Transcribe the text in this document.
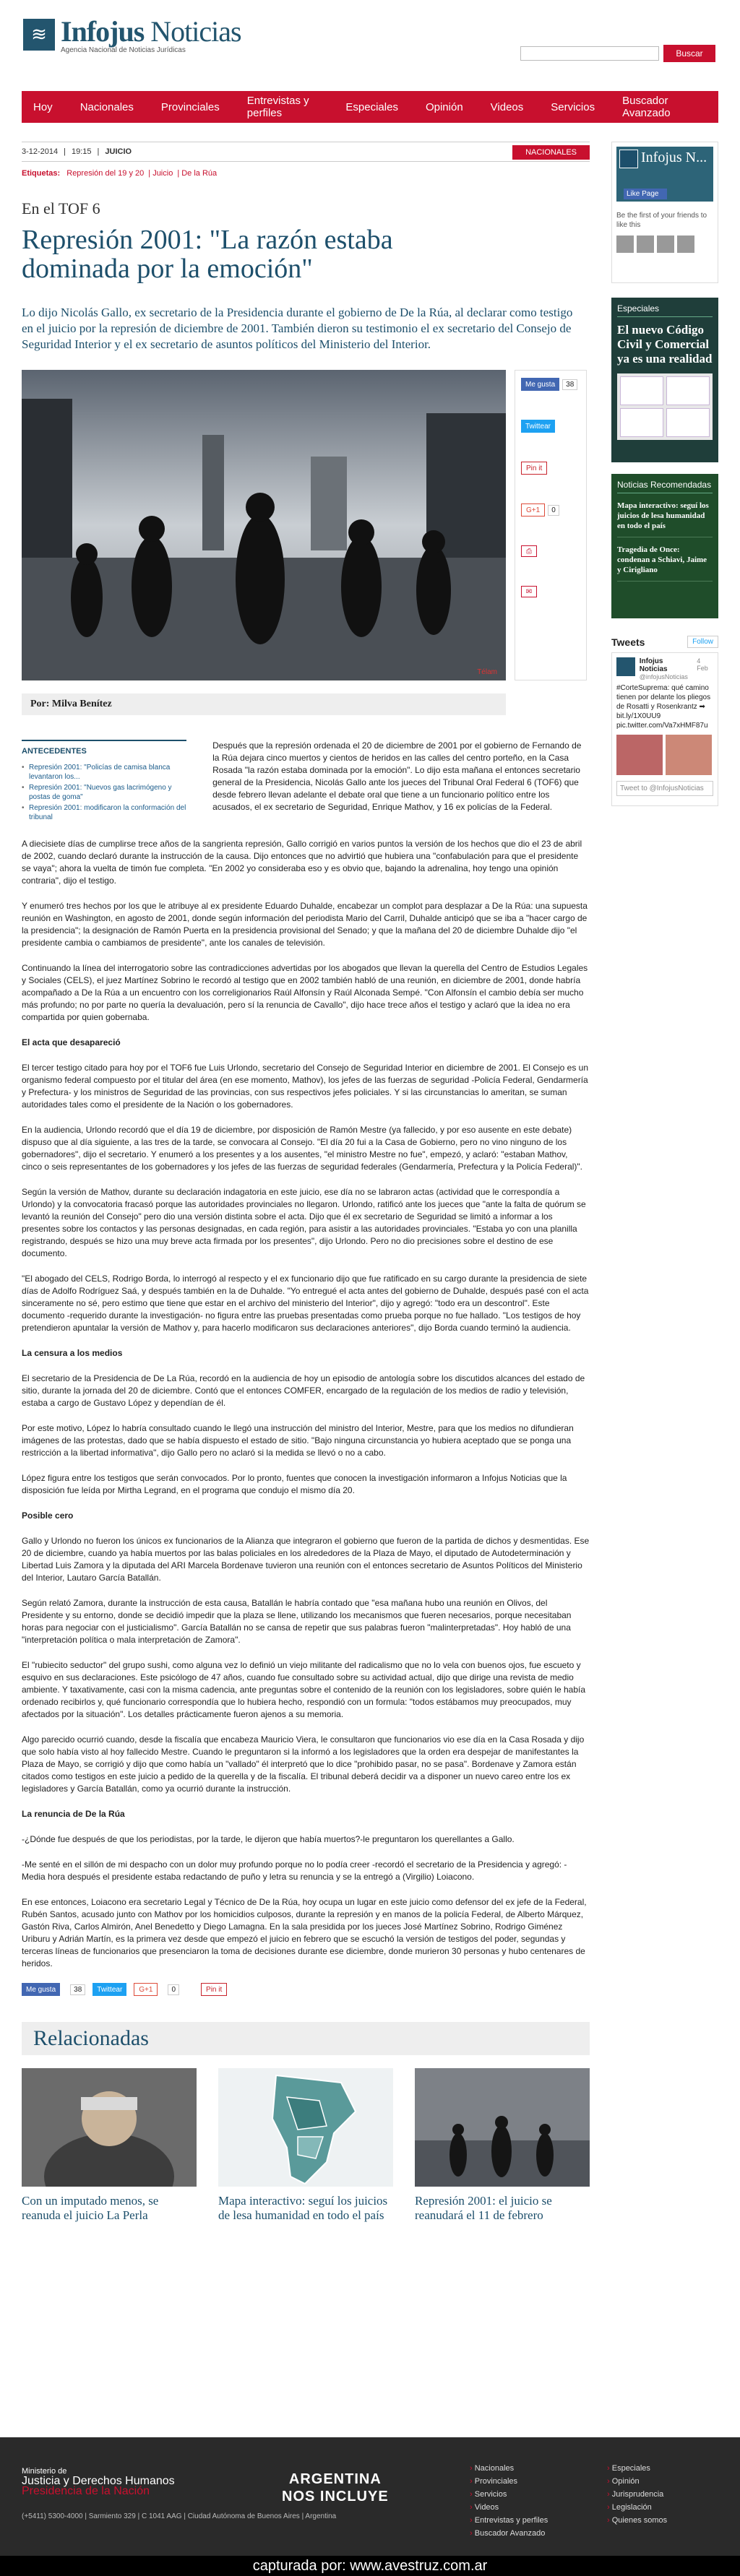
≋ Infojus Noticias
Agencia Nacional de Noticias Jurídicas	Buscar
Hoy	Nacionales	Provinciales	Entrevistas y perfiles	Especiales	Opinión	Videos	Servicios	Buscador Avanzado
3-12-2014 | 19:15 | JUICIO	NACIONALES
Etiquetas: Represión del 19 y 20 | Juicio | De la Rúa
En el TOF 6
Represión 2001: "La razón estaba dominada por la emoción"
Lo dijo Nicolás Gallo, ex secretario de la Presidencia durante el gobierno de De la Rúa, al declarar como testigo en el juicio por la represión de diciembre de 2001. También dieron su testimonio el ex secretario del Consejo de Seguridad Interior y el ex secretario de asuntos políticos del Ministerio del Interior.
Télam
Me gusta	38
Twittear
Pin it
G+1	0
⎙
✉
Por: Milva Benítez
ANTECEDENTES
• Represión 2001: "Policías de camisa blanca levantaron los...
• Represión 2001: "Nuevos gas lacrimógeno y postas de goma"
• Represión 2001: modificaron la conformación del tribunal
Después que la represión ordenada el 20 de diciembre de 2001 por el gobierno de Fernando de la Rúa dejara cinco muertos y cientos de heridos en las calles del centro porteño, en la Casa Rosada "la razón estaba dominada por la emoción". Lo dijo esta mañana el entonces secretario general de la Presidencia, Nicolás Gallo ante los jueces del Tribunal Oral Federal 6 (TOF6) que desde febrero llevan adelante el debate oral que tiene a un funcionario político entre los acusados, el ex secretario de Seguridad, Enrique Mathov, y 16 ex policías de la Federal.

A diecisiete días de cumplirse trece años de la sangrienta represión, Gallo corrigió en varios puntos la versión de los hechos que dio el 23 de abril de 2002, cuando declaró durante la instrucción de la causa. Dijo entonces que no advirtió que hubiera una "confabulación para que el presidente se vaya"; ahora la vuelta de timón fue completa. "En 2002 yo consideraba eso y es obvio que, bajando la adrenalina, hoy tengo una opinión contraria", dijo el testigo.

Y enumeró tres hechos por los que le atribuye al ex presidente Eduardo Duhalde, encabezar un complot para desplazar a De la Rúa: una supuesta reunión en Washington, en agosto de 2001, donde según información del periodista Mario del Carril, Duhalde anticipó que se iba a "hacer cargo de la presidencia"; la designación de Ramón Puerta en la presidencia provisional del Senado; y que la mañana del 20 de diciembre Duhalde dijo "el presidente cambia o cambiamos de presidente", ante los canales de televisión.

Continuando la línea del interrogatorio sobre las contradicciones advertidas por los abogados que llevan la querella del Centro de Estudios Legales y Sociales (CELS), el juez Martínez Sobrino le recordó al testigo que en 2002 también habló de una reunión, en diciembre de 2001, donde habría acompañado a De la Rúa a un encuentro con los correligionarios Raúl Alfonsín y Raúl Alconada Sempé. "Con Alfonsín el cambio debía ser mucho más profundo; no por parte no quería la devaluación, pero sí la renuncia de Cavallo", dijo hace trece años el testigo y aclaró que la idea no era compartida por quien gobernaba.

El acta que desapareció

El tercer testigo citado para hoy por el TOF6 fue Luis Urlondo, secretario del Consejo de Seguridad Interior en diciembre de 2001. El Consejo es un organismo federal compuesto por el titular del área (en ese momento, Mathov), los jefes de las fuerzas de seguridad -Policía Federal, Gendarmería y Prefectura- y los ministros de Seguridad de las provincias, con sus respectivos jefes policiales. Y si las circunstancias lo ameritan, se suman autoridades tales como el presidente de la Nación o los gobernadores.

En la audiencia, Urlondo recordó que el día 19 de diciembre, por disposición de Ramón Mestre (ya fallecido, y por eso ausente en este debate) dispuso que al día siguiente, a las tres de la tarde, se convocara al Consejo. "El día 20 fui a la Casa de Gobierno, pero no vino ninguno de los gobernadores", dijo el secretario. Y enumeró a los presentes y a los ausentes, "el ministro Mestre no fue", empezó, y aclaró: "estaban Mathov, cinco o seis representantes de los gobernadores y los jefes de las fuerzas de seguridad federales (Gendarmería, Prefectura y la Policía Federal)".

Según la versión de Mathov, durante su declaración indagatoria en este juicio, ese día no se labraron actas (actividad que le correspondía a Urlondo) y la convocatoria fracasó porque las autoridades provinciales no llegaron. Urlondo, ratificó ante los jueces que "ante la falta de quórum se levantó la reunión del Consejo" pero dio una versión distinta sobre el acta. Dijo que él ex secretario de Seguridad se limitó a informar a los presentes sobre los contactos y las personas designadas, en cada región, para asistir a las autoridades provinciales. "Estaba yo con una planilla registrando, después se hizo una muy breve acta firmada por los presentes", dijo Urlondo. Pero no dio precisiones sobre el destino de ese documento.

"El abogado del CELS, Rodrigo Borda, lo interrogó al respecto y el ex funcionario dijo que fue ratificado en su cargo durante la presidencia de siete días de Adolfo Rodríguez Saá, y después también en la de Duhalde. "Yo entregué el acta antes del gobierno de Duhalde, después pasé con el acta sinceramente no sé, pero estimo que tiene que estar en el archivo del ministerio del Interior", dijo y agregó: "todo era un descontrol". Este documento -requerido durante la investigación- no figura entre las pruebas presentadas como prueba porque no fue hallado. "Los testigos de hoy pretendieron apuntalar la versión de Mathov y, para hacerlo modificaron sus declaraciones anteriores", dijo Borda cuando terminó la audiencia.

La censura a los medios

El secretario de la Presidencia de De La Rúa, recordó en la audiencia de hoy un episodio de antología sobre los discutidos alcances del estado de sitio, durante la jornada del 20 de diciembre. Contó que el entonces COMFER, encargado de la regulación de los medios de radio y televisión, estaba a cargo de Gustavo López y dependían de él.

Por este motivo, López lo habría consultado cuando le llegó una instrucción del ministro del Interior, Mestre, para que los medios no difundieran imágenes de las protestas, dado que se había dispuesto el estado de sitio. "Bajo ninguna circunstancia yo hubiera aceptado que se ponga una restricción a la libertad informativa", dijo Gallo pero no aclaró si la medida se llevó o no a cabo.

López figura entre los testigos que serán convocados. Por lo pronto, fuentes que conocen la investigación informaron a Infojus Noticias que la disposición fue leída por Mirtha Legrand, en el programa que condujo el mismo día 20.

Posible cero

Gallo y Urlondo no fueron los únicos ex funcionarios de la Alianza que integraron el gobierno que fueron de la partida de dichos y desmentidas. Ese 20 de diciembre, cuando ya había muertos por las balas policiales en los alrededores de la Plaza de Mayo, el diputado de Autodeterminación y Libertad Luis Zamora y la diputada del ARI Marcela Bordenave tuvieron una reunión con el entonces secretario de Asuntos Políticos del Ministerio del Interior, Lautaro García Batallán.

Según relató Zamora, durante la instrucción de esta causa, Batallán le habría contado que "esa mañana hubo una reunión en Olivos, del Presidente y su entorno, donde se decidió impedir que la plaza se llene, utilizando los mecanismos que fueren necesarios, porque necesitaban horas para negociar con el justicialismo". García Batallán no se cansa de repetir que sus palabras fueron "malinterpretadas". Hoy habló de una "interpretación política o mala interpretación de Zamora".

El "rubiecito seductor" del grupo sushi, como alguna vez lo definió un viejo militante del radicalismo que no lo vela con buenos ojos, fue escueto y esquivo en sus declaraciones. Este psicólogo de 47 años, cuando fue consultado sobre su actividad actual, dijo que dirige una revista de medio ambiente. Y taxativamente, casi con la misma cadencia, ante preguntas sobre el contenido de la reunión con los legisladores, sobre quién le había ordenado recibirlos y, qué funcionario correspondía que lo hubiera hecho, respondió con un formula: "todos estábamos muy preocupados, muy afectados por la situación". Los detalles prácticamente fueron ajenos a su memoria.

Algo parecido ocurrió cuando, desde la fiscalía que encabeza Mauricio Viera, le consultaron que funcionarios vio ese día en la Casa Rosada y dijo que solo había visto al hoy fallecido Mestre. Cuando le preguntaron si la informó a los legisladores que la orden era despejar de manifestantes la Plaza de Mayo, se corrigió y dijo que como había un "vallado" él interpretó que lo dice "prohibido pasar, no se pasa". Bordenave y Zamora están citados como testigos en este juicio a pedido de la querella y de la fiscalía. El tribunal deberá decidir va a disponer un nuevo careo entre los ex legisladores y García Batallán, como ya ocurrió durante la instrucción.

La renuncia de De la Rúa

-¿Dónde fue después de que los periodistas, por la tarde, le dijeron que había muertos?-le preguntaron los querellantes a Gallo.

-Me senté en el sillón de mi despacho con un dolor muy profundo porque no lo podía creer -recordó el secretario de la Presidencia y agregó: -Media hora después el presidente estaba redactando de puño y letra su renuncia y se la entregó a (Virgilio) Loiacono.

En ese entonces, Loiacono era secretario Legal y Técnico de De la Rúa, hoy ocupa un lugar en este juicio como defensor del ex jefe de la Federal, Rubén Santos, acusado junto con Mathov por los homicidios culposos, durante la represión y en manos de la policía Federal, de Alberto Márquez, Gastón Riva, Carlos Almirón, Anel Benedetto y Diego Lamagna. En la sala presidida por los jueces José Martínez Sobrino, Rodrigo Giménez Uriburu y Adrián Martín, es la primera vez desde que empezó el juicio en febrero que se escuchó la versión de testigos del poder, segundas y terceras líneas de funcionarios que presenciaron la toma de decisiones durante ese diciembre, donde murieron 30 personas y hubo centenares de heridos.

Me gusta	38	Twittear	G+1	0	Pin it
Relacionadas
Con un imputado menos, se reanuda el juicio La Perla
Mapa interactivo: seguí los juicios de lesa humanidad en todo el país
Represión 2001: el juicio se reanudará el 11 de febrero
Infojus N...
Like Page
Be the first of your friends to like this
Especiales
El nuevo Código Civil y Comercial ya es una realidad
Noticias Recomendadas
Mapa interactivo: seguí los juicios de lesa humanidad en todo el país
Tragedia de Once: condenan a Schiavi, Jaime y Cirigliano
Tweets	Follow
Infojus Noticias
@infojusNoticias
4 Feb
#CorteSuprema: qué camino tienen por delante los pliegos de Rosatti y Rosenkrantz ➡ bit.ly/1X0UU9 pic.twitter.com/Va7xHMF87u
Tweet to @InfojusNoticias
Ministerio de
Justicia y Derechos Humanos
Presidencia de la Nación
ARGENTINA
NOS INCLUYE
(+5411) 5300-4000 | Sarmiento 329 | C 1041 AAG | Ciudad Autónoma de Buenos Aires | Argentina
› Nacionales
› Provinciales
› Servicios
› Videos
› Entrevistas y perfiles
› Buscador Avanzado
› Especiales
› Opinión
› Jurisprudencia
› Legislación
› Quienes somos
capturada por: www.avestruz.com.ar
